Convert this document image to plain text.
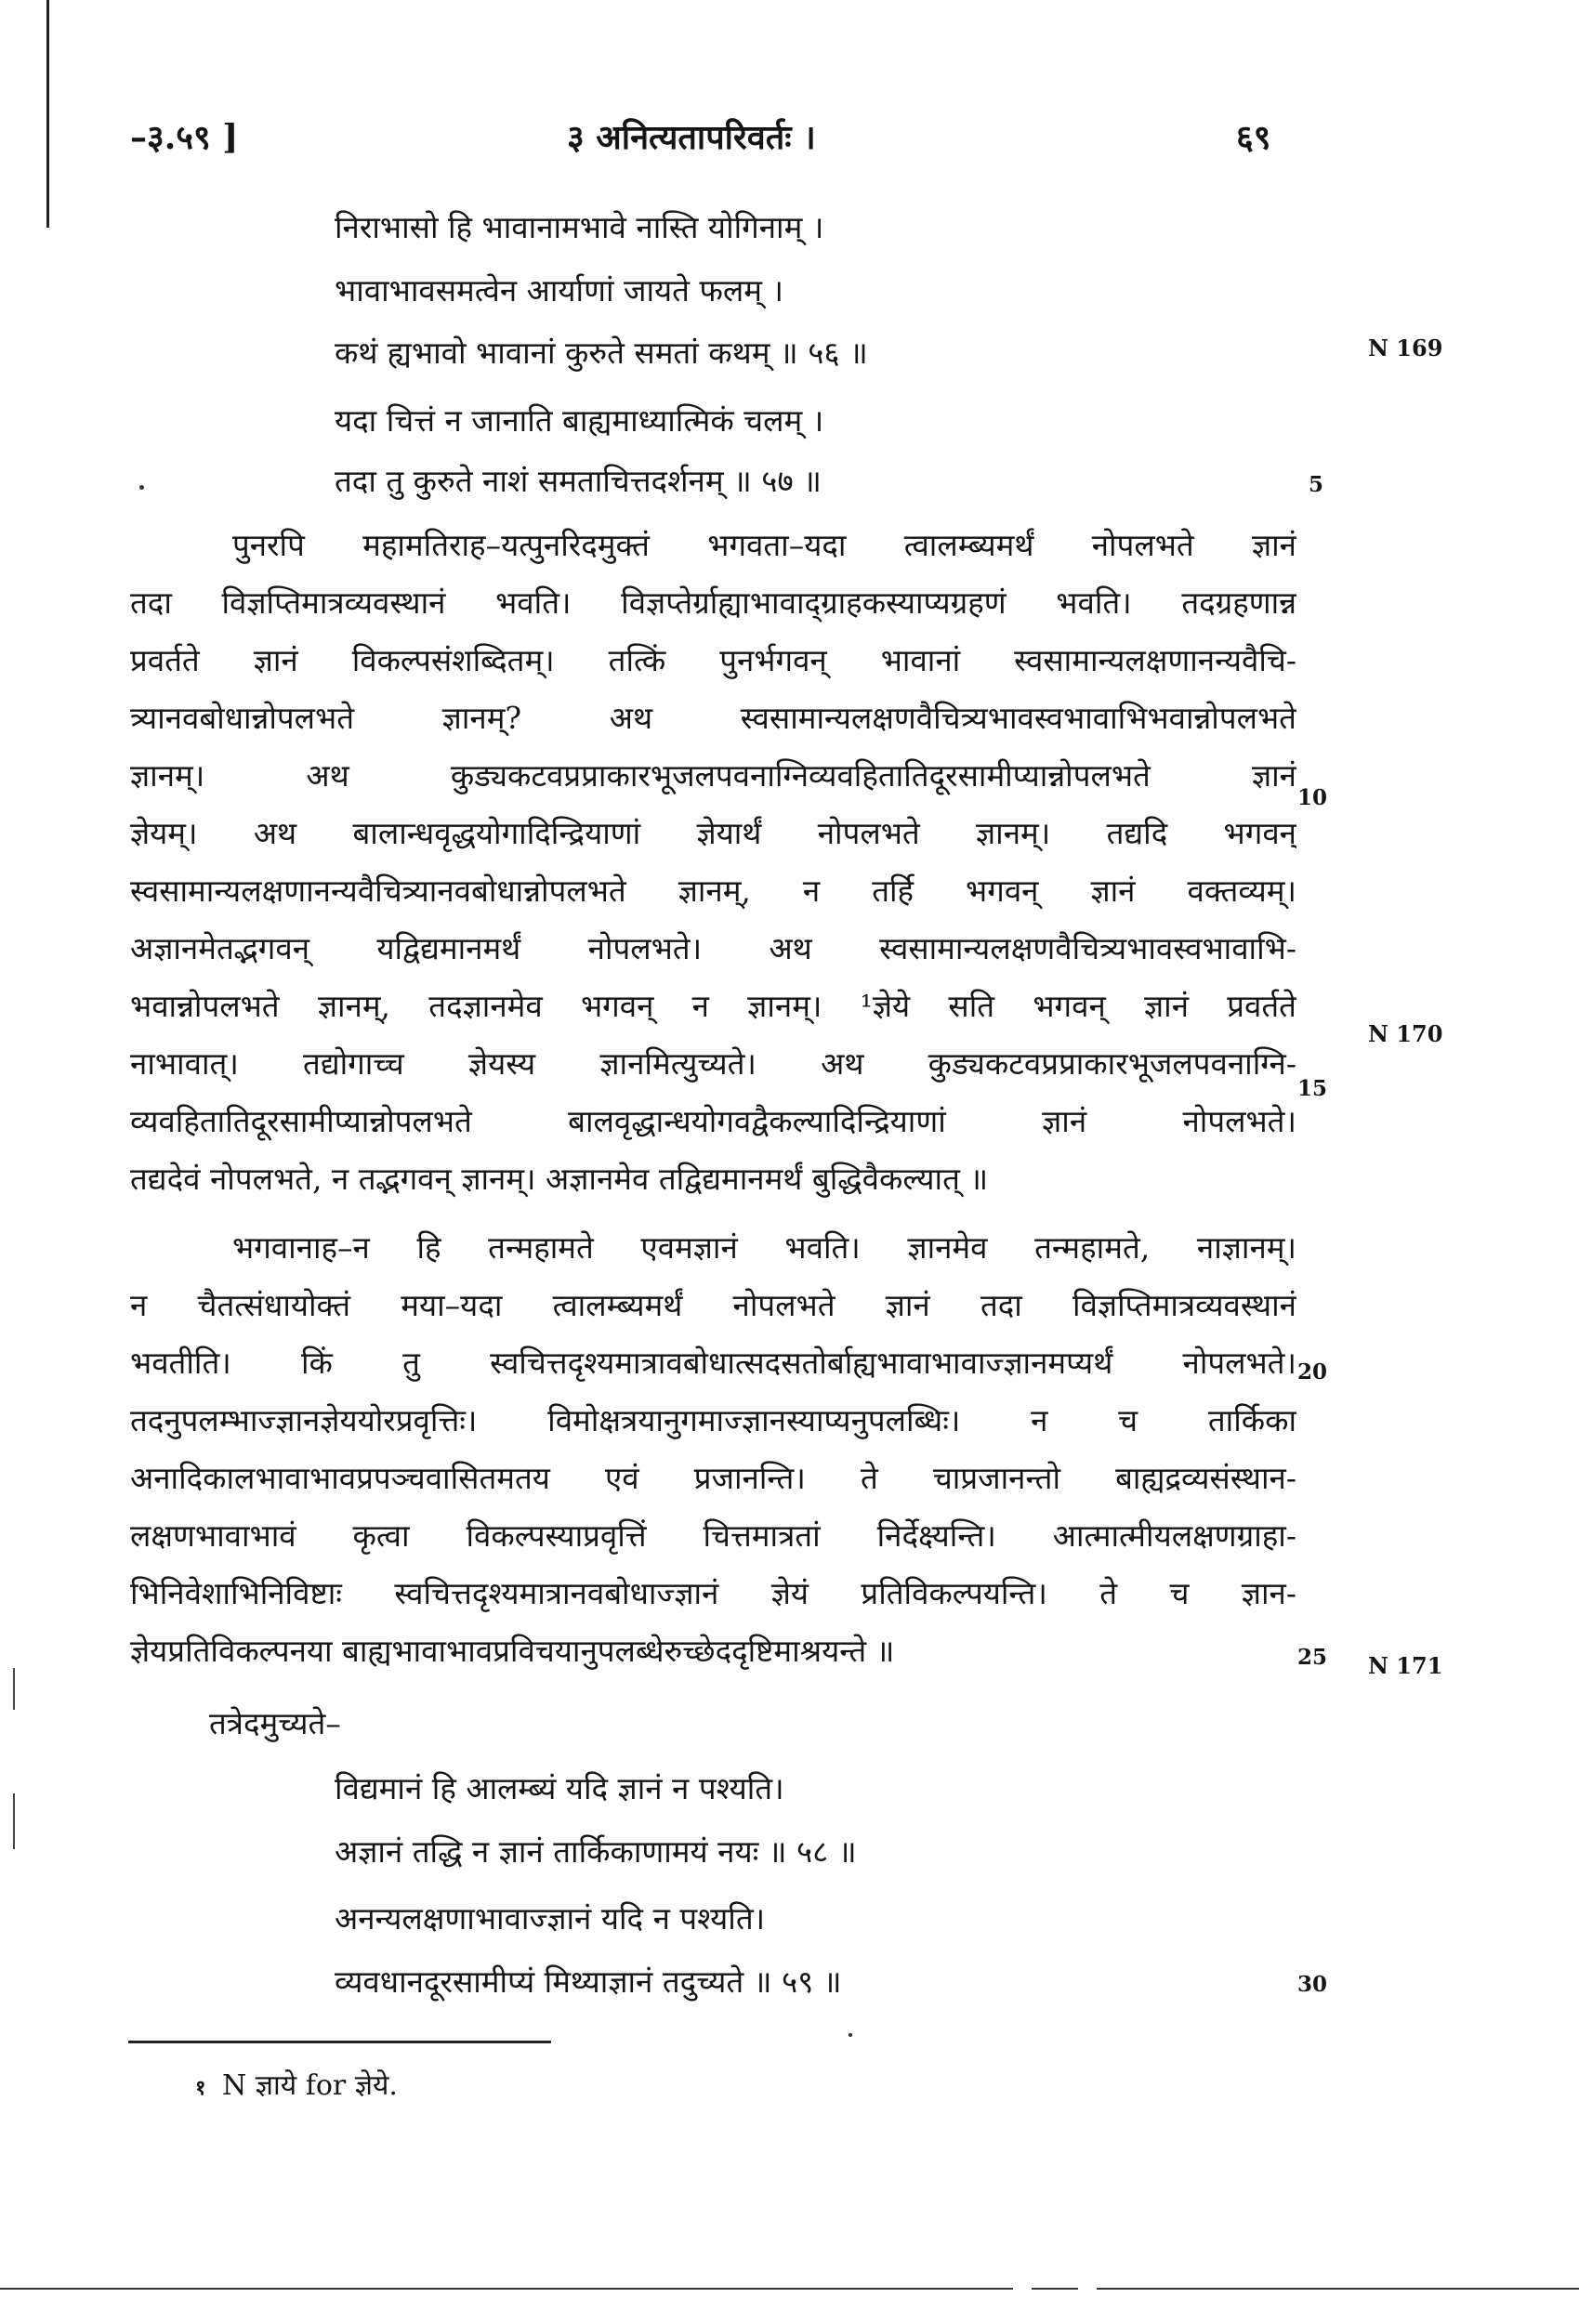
–३.५९ ]	३ अनित्यतापरिवर्तः ।	६९
निराभासो हि भावानामभावे नास्ति योगिनाम् ।
भावाभावसमत्वेन आर्याणां जायते फलम् ।
कथं ह्यभावो भावानां कुरुते समतां कथम् ॥ ५६ ॥
यदा चित्तं न जानाति बाह्यमाध्यात्मिकं चलम् ।
तदा तु कुरुते नाशं समताचित्तदर्शनम् ॥ ५७ ॥
पुनरपि महामतिराह–यत्पुनरिदमुक्तं भगवता–यदा त्वालम्ब्यमर्थं नोपलभते ज्ञानं
तदा विज्ञप्तिमात्रव्यवस्थानं भवति। विज्ञप्तेर्ग्राह्याभावाद्ग्राहकस्याप्यग्रहणं भवति। तदग्रहणान्न
प्रवर्तते ज्ञानं विकल्पसंशब्दितम्। तत्किं पुनर्भगवन् भावानां स्वसामान्यलक्षणानन्यवैचि-
त्र्यानवबोधान्नोपलभते ज्ञानम्? अथ स्वसामान्यलक्षणवैचित्र्यभावस्वभावाभिभवान्नोपलभते
ज्ञानम्। अथ कुड्यकटवप्रप्राकारभूजलपवनाग्निव्यवहितातिदूरसामीप्यान्नोपलभते ज्ञानं
ज्ञेयम्। अथ बालान्धवृद्धयोगादिन्द्रियाणां ज्ञेयार्थं नोपलभते ज्ञानम्। तद्यदि भगवन्
स्वसामान्यलक्षणानन्यवैचित्र्यानवबोधान्नोपलभते ज्ञानम्, न तर्हि भगवन् ज्ञानं वक्तव्यम्।
अज्ञानमेतद्भगवन् यद्विद्यमानमर्थं नोपलभते। अथ स्वसामान्यलक्षणवैचित्र्यभावस्वभावाभि-
भवान्नोपलभते ज्ञानम्, तदज्ञानमेव भगवन् न ज्ञानम्। ¹ज्ञेये सति भगवन् ज्ञानं प्रवर्तते
नाभावात्। तद्योगाच्च ज्ञेयस्य ज्ञानमित्युच्यते। अथ कुड्यकटवप्रप्राकारभूजलपवनाग्नि-
व्यवहितातिदूरसामीप्यान्नोपलभते बालवृद्धान्धयोगवद्वैकल्यादिन्द्रियाणां ज्ञानं नोपलभते।
तद्यदेवं नोपलभते, न तद्भगवन् ज्ञानम्। अज्ञानमेव तद्विद्यमानमर्थं बुद्धिवैकल्यात् ॥
भगवानाह–न हि तन्महामते एवमज्ञानं भवति। ज्ञानमेव तन्महामते, नाज्ञानम्।
न चैतत्संधायोक्तं मया–यदा त्वालम्ब्यमर्थं नोपलभते ज्ञानं तदा विज्ञप्तिमात्रव्यवस्थानं
भवतीति। किं तु स्वचित्तदृश्यमात्रावबोधात्सदसतोर्बाह्यभावाभावाज्ज्ञानमप्यर्थं नोपलभते।
तदनुपलम्भाज्ज्ञानज्ञेययोरप्रवृत्तिः। विमोक्षत्रयानुगमाज्ज्ञानस्याप्यनुपलब्धिः। न च तार्किका
अनादिकालभावाभावप्रपञ्चवासितमतय एवं प्रजानन्ति। ते चाप्रजानन्तो बाह्यद्रव्यसंस्थान-
लक्षणभावाभावं कृत्वा विकल्पस्याप्रवृत्तिं चित्तमात्रतां निर्देक्ष्यन्ति। आत्मात्मीयलक्षणग्राहा-
भिनिवेशाभिनिविष्टाः स्वचित्तदृश्यमात्रानवबोधाज्ज्ञानं ज्ञेयं प्रतिविकल्पयन्ति। ते च ज्ञान-
ज्ञेयप्रतिविकल्पनया बाह्यभावाभावप्रविचयानुपलब्धेरुच्छेददृष्टिमाश्रयन्ते ॥
तत्रेदमुच्यते–
विद्यमानं हि आलम्ब्यं यदि ज्ञानं न पश्यति।
अज्ञानं तद्धि न ज्ञानं तार्किकाणामयं नयः ॥ ५८ ॥
अनन्यलक्षणाभावाज्ज्ञानं यदि न पश्यति।
व्यवधानदूरसामीप्यं मिथ्याज्ञानं तदुच्यते ॥ ५९ ॥
5
10
15
20
25
30
N 169
N 170
N 171
१ N ज्ञाये for ज्ञेये.
